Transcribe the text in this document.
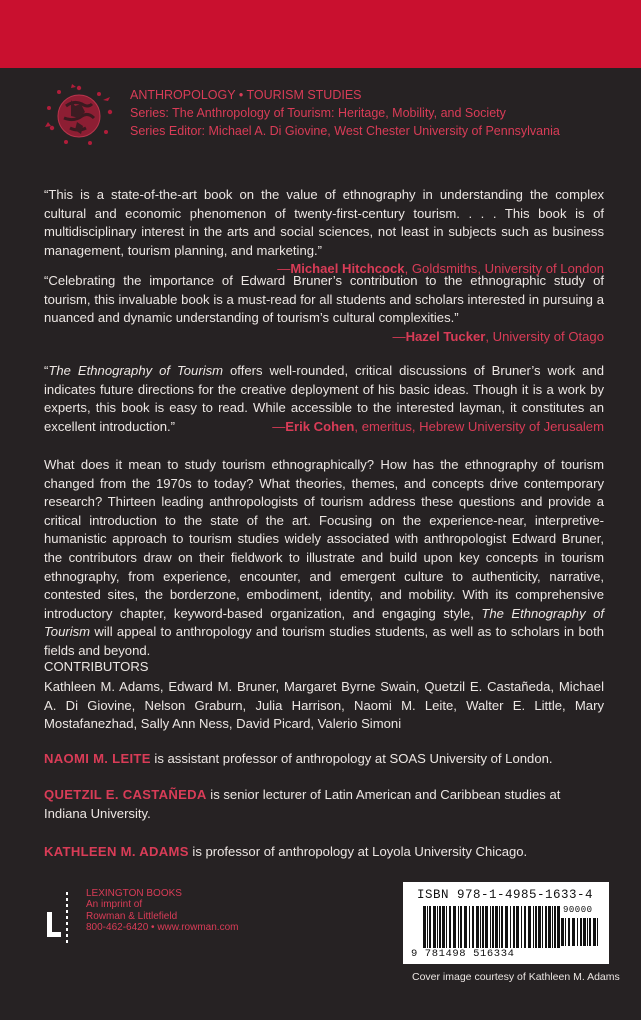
ANTHROPOLOGY • TOURISM STUDIES
Series: The Anthropology of Tourism: Heritage, Mobility, and Society
Series Editor: Michael A. Di Giovine, West Chester University of Pennsylvania
“This is a state-of-the-art book on the value of ethnography in understanding the complex cultural and economic phenomenon of twenty-first-century tourism. . . . This book is of multidisciplinary interest in the arts and social sciences, not least in subjects such as business management, tourism planning, and marketing.”
—Michael Hitchcock, Goldsmiths, University of London
“Celebrating the importance of Edward Bruner’s contribution to the ethnographic study of tourism, this invaluable book is a must-read for all students and scholars interested in pursuing a nuanced and dynamic understanding of tourism’s cultural complexities.”
—Hazel Tucker, University of Otago
“The Ethnography of Tourism offers well-rounded, critical discussions of Bruner’s work and indicates future directions for the creative deployment of his basic ideas. Though it is a work by experts, this book is easy to read. While accessible to the interested layman, it constitutes an excellent introduction.”	—Erik Cohen, emeritus, Hebrew University of Jerusalem
What does it mean to study tourism ethnographically? How has the ethnography of tourism changed from the 1970s to today? What theories, themes, and concepts drive contemporary research? Thirteen leading anthropologists of tourism address these questions and provide a critical introduction to the state of the art. Focusing on the experience-near, interpretive-humanistic approach to tourism studies widely associated with anthropologist Edward Bruner, the contributors draw on their fieldwork to illustrate and build upon key concepts in tourism ethnography, from experience, encounter, and emergent culture to authenticity, narrative, contested sites, the borderzone, embodiment, identity, and mobility. With its comprehensive introductory chapter, keyword-based organization, and engaging style, The Ethnography of Tourism will appeal to anthropology and tourism studies students, as well as to scholars in both fields and beyond.
CONTRIBUTORS
Kathleen M. Adams, Edward M. Bruner, Margaret Byrne Swain, Quetzil E. Castañeda, Michael A. Di Giovine, Nelson Graburn, Julia Harrison, Naomi M. Leite, Walter E. Little, Mary Mostafanezhad, Sally Ann Ness, David Picard, Valerio Simoni
NAOMI M. LEITE is assistant professor of anthropology at SOAS University of London.
QUETZIL E. CASTAÑEDA is senior lecturer of Latin American and Caribbean studies at Indiana University.
KATHLEEN M. ADAMS is professor of anthropology at Loyola University Chicago.
LEXINGTON BOOKS
An imprint of
Rowman & Littlefield
800-462-6420 • www.rowman.com
ISBN 978-1-4985-1633-4
90000
9 781498 516334
Cover image courtesy of Kathleen M. Adams
